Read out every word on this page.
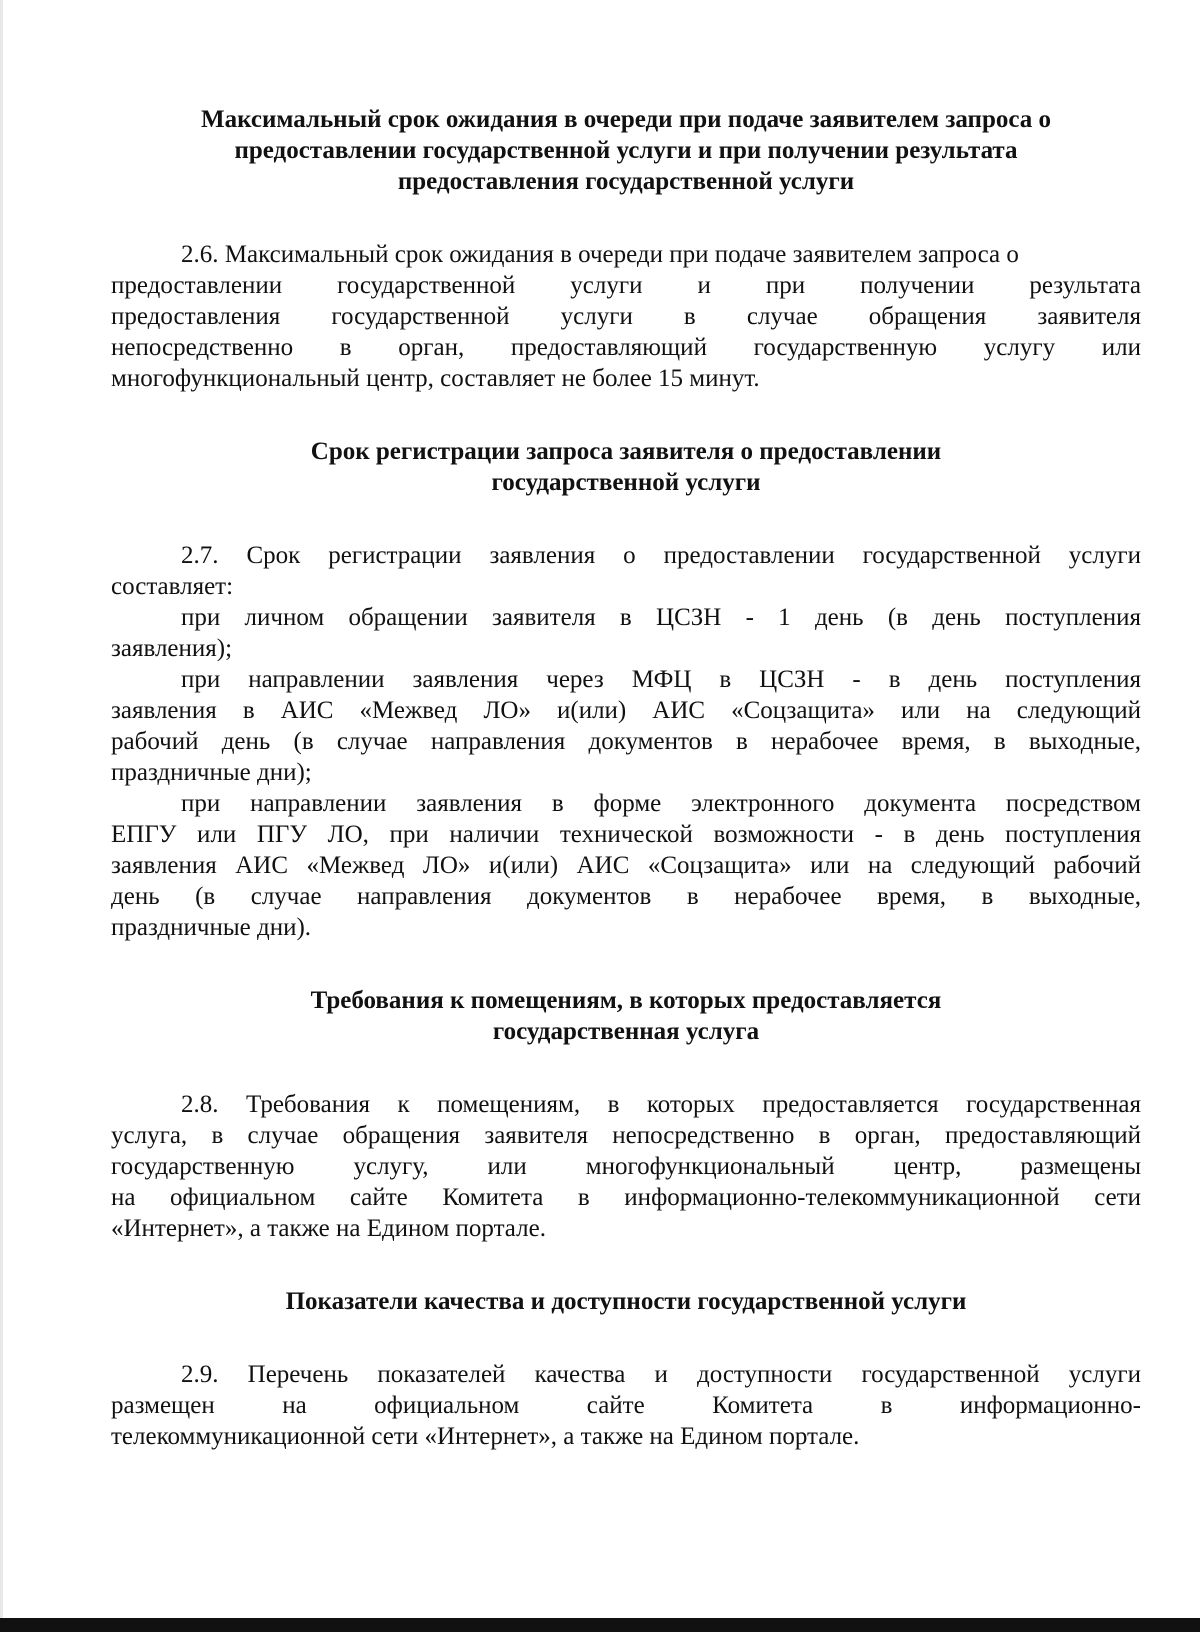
Максимальный срок ожидания в очереди при подаче заявителем запроса о
предоставлении государственной услуги и при получении результата
предоставления государственной услуги
2.6. Максимальный срок ожидания в очереди при подаче заявителем запроса о
предоставлении государственной услуги и при получении результата
предоставления государственной услуги в случае обращения заявителя
непосредственно в орган, предоставляющий государственную услугу или
многофункциональный центр, составляет не более 15 минут.
Срок регистрации запроса заявителя о предоставлении
государственной услуги
2.7. Срок регистрации заявления о предоставлении государственной услуги
составляет:
при личном обращении заявителя в ЦСЗН - 1 день (в день поступления
заявления);
при направлении заявления через МФЦ в ЦСЗН - в день поступления
заявления в АИС «Межвед ЛО» и(или) АИС «Соцзащита» или на следующий
рабочий день (в случае направления документов в нерабочее время, в выходные,
праздничные дни);
при направлении заявления в форме электронного документа посредством
ЕПГУ или ПГУ ЛО, при наличии технической возможности - в день поступления
заявления АИС «Межвед ЛО» и(или) АИС «Соцзащита» или на следующий рабочий
день (в случае направления документов в нерабочее время, в выходные,
праздничные дни).
Требования к помещениям, в которых предоставляется
государственная услуга
2.8. Требования к помещениям, в которых предоставляется государственная
услуга, в случае обращения заявителя непосредственно в орган, предоставляющий
государственную услугу, или многофункциональный центр, размещены
на официальном сайте Комитета в информационно-телекоммуникационной сети
«Интернет», а также на Едином портале.
Показатели качества и доступности государственной услуги
2.9. Перечень показателей качества и доступности государственной услуги
размещен на официальном сайте Комитета в информационно-
телекоммуникационной сети «Интернет», а также на Едином портале.
